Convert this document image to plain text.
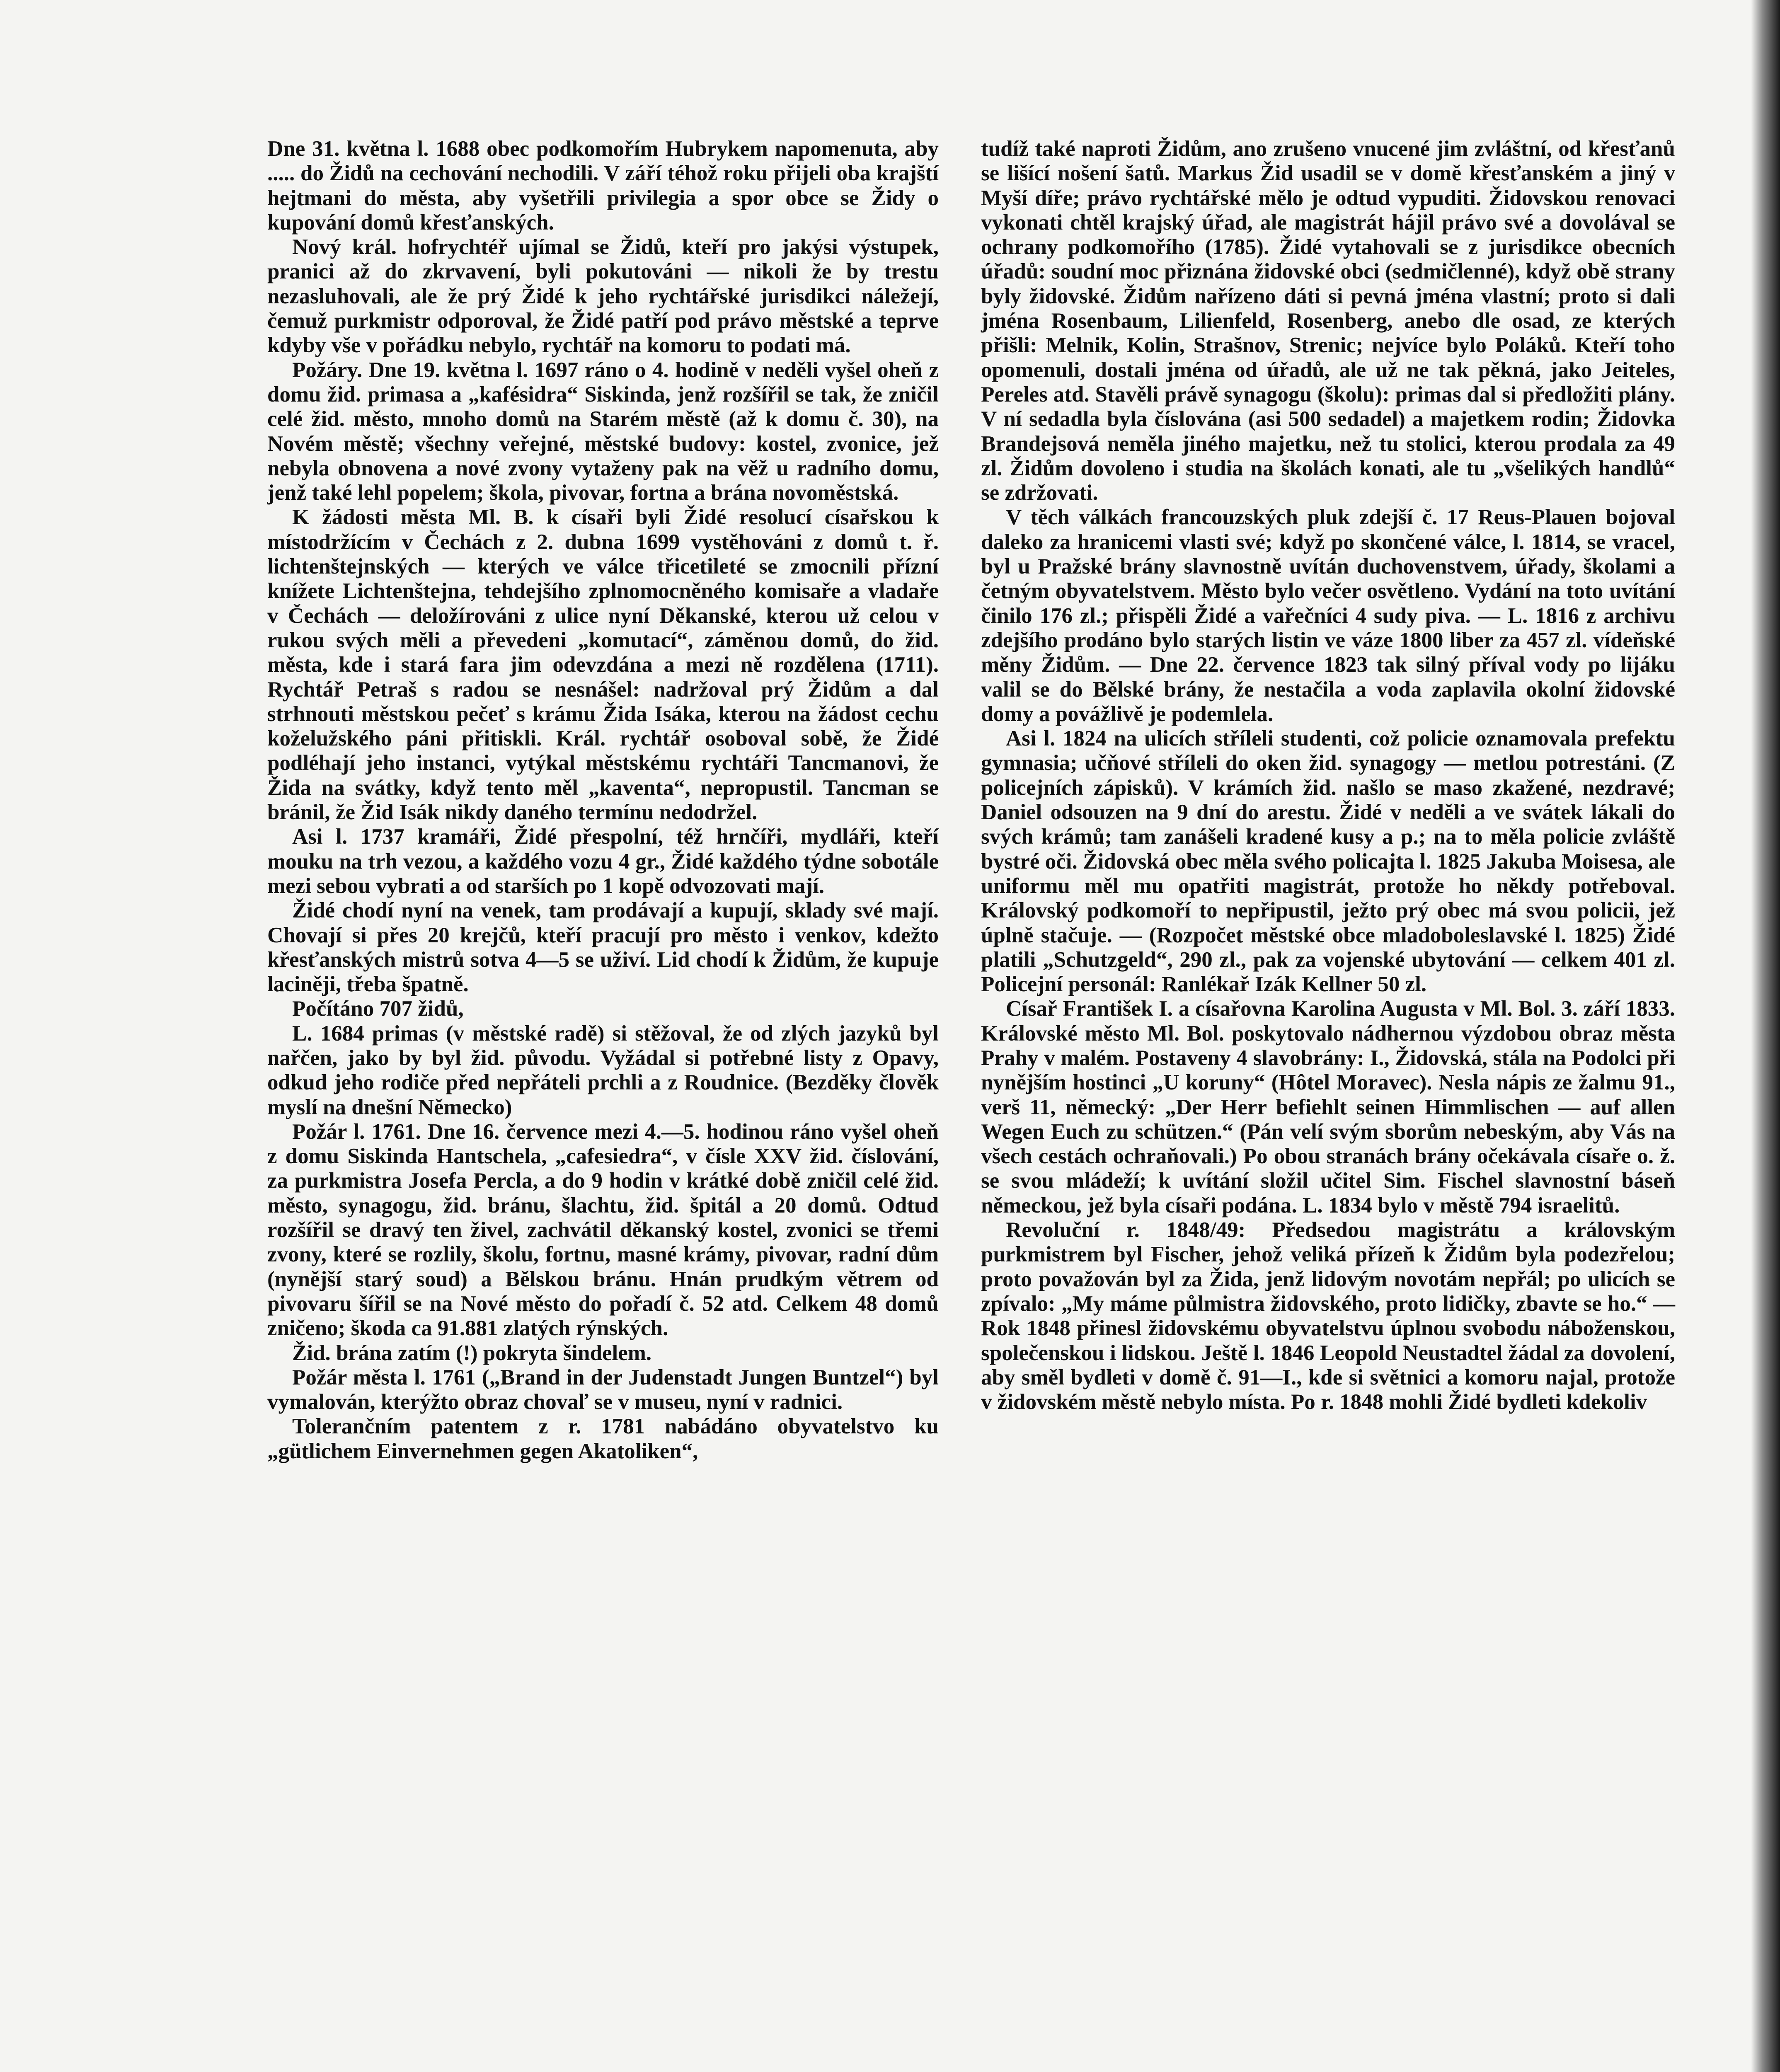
Dne 31. května l. 1688 obec podkomořím Hubrykem napomenuta, aby ..... do Židů na cechování nechodili. V září téhož roku přijeli oba krajští hejtmani do města, aby vyšetřili privilegia a spor obce se Židy o kupování domů křesťanských.

Nový král. hofrychtéř ujímal se Židů, kteří pro jakýsi výstupek, pranici až do zkrvavení, byli pokutováni — nikoli že by trestu nezasluhovali, ale že prý Židé k jeho rychtářské jurisdikci náležejí, čemuž purkmistr odporoval, že Židé patří pod právo městské a teprve kdyby vše v pořádku nebylo, rychtář na komoru to podati má.

Požáry. Dne 19. května l. 1697 ráno o 4. hodině v neděli vyšel oheň z domu žid. primasa a „kafésidra“ Siskinda, jenž rozšířil se tak, že zničil celé žid. město, mnoho domů na Starém městě (až k domu č. 30), na Novém městě; všechny veřejné, městské budovy: kostel, zvonice, jež nebyla obnovena a nové zvony vytaženy pak na věž u radního domu, jenž také lehl popelem; škola, pivovar, fortna a brána novoměstská.

K žádosti města Ml. B. k císaři byli Židé resolucí císařskou k místodržícím v Čechách z 2. dubna 1699 vystěhováni z domů t. ř. lichtenštejnských — kterých ve válce třicetileté se zmocnili přízní knížete Lichtenštejna, tehdejšího zplnomocněného komisaře a vladaře v Čechách — deložírováni z ulice nyní Děkanské, kterou už celou v rukou svých měli a převedeni „komutací“, záměnou domů, do žid. města, kde i stará fara jim odevzdána a mezi ně rozdělena (1711). Rychtář Petraš s radou se nesnášel: nadržoval prý Židům a dal strhnouti městskou pečeť s krámu Žida Isáka, kterou na žádost cechu koželužského páni přitiskli. Král. rychtář osoboval sobě, že Židé podléhají jeho instanci, vytýkal městskému rychtáři Tancmanovi, že Žida na svátky, když tento měl „kaventa“, nepropustil. Tancman se bránil, že Žid Isák nikdy daného termínu nedodržel.

Asi l. 1737 kramáři, Židé přespolní, též hrnčíři, mydláři, kteří mouku na trh vezou, a každého vozu 4 gr., Židé každého týdne sobotále mezi sebou vybrati a od starších po 1 kopě odvozovati mají.

Židé chodí nyní na venek, tam prodávají a kupují, sklady své mají. Chovají si přes 20 krejčů, kteří pracují pro město i venkov, kdežto křesťanských mistrů sotva 4—5 se uživí. Lid chodí k Židům, že kupuje laciněji, třeba špatně.

Počítáno 707 židů,

L. 1684 primas (v městské radě) si stěžoval, že od zlých jazyků byl nařčen, jako by byl žid. původu. Vyžádal si potřebné listy z Opavy, odkud jeho rodiče před nepřáteli prchli a z Roudnice. (Bezděky člověk myslí na dnešní Německo)

Požár l. 1761. Dne 16. července mezi 4.—5. hodinou ráno vyšel oheň z domu Siskinda Hantschela, „cafesiedra“, v čísle XXV žid. číslování, za purkmistra Josefa Percla, a do 9 hodin v krátké době zničil celé žid. město, synagogu, žid. bránu, šlachtu, žid. špitál a 20 domů. Odtud rozšířil se dravý ten živel, zachvátil děkanský kostel, zvonici se třemi zvony, které se rozlily, školu, fortnu, masné krámy, pivovar, radní dům (nynější starý soud) a Bělskou bránu. Hnán prudkým větrem od pivovaru šířil se na Nové město do pořadí č. 52 atd. Celkem 48 domů zničeno; škoda ca 91.881 zlatých rýnských.

Žid. brána zatím (!) pokryta šindelem.

Požár města l. 1761 („Brand in der Judenstadt Jungen Buntzel“) byl vymalován, kterýžto obraz chovaľ se v museu, nyní v radnici.

Tolerančním patentem z r. 1781 nabádáno obyvatelstvo ku „gütlichem Einvernehmen gegen Akatoliken“,

tudíž také naproti Židům, ano zrušeno vnucené jim zvláštní, od křesťanů se lišící nošení šatů. Markus Žid usadil se v domě křesťanském a jiný v Myší díře; právo rychtářské mělo je odtud vypuditi. Židovskou renovaci vykonati chtěl krajský úřad, ale magistrát hájil právo své a dovolával se ochrany podkomořího (1785). Židé vytahovali se z jurisdikce obecních úřadů: soudní moc přiznána židovské obci (sedmičlenné), když obě strany byly židovské. Židům nařízeno dáti si pevná jména vlastní; proto si dali jména Rosenbaum, Lilienfeld, Rosenberg, anebo dle osad, ze kterých přišli: Melnik, Kolin, Strašnov, Strenic; nejvíce bylo Poláků. Kteří toho opomenuli, dostali jména od úřadů, ale už ne tak pěkná, jako Jeiteles, Pereles atd. Stavěli právě synagogu (školu): primas dal si předložiti plány. V ní sedadla byla číslována (asi 500 sedadel) a majetkem rodin; Židovka Brandejsová neměla jiného majetku, než tu stolici, kterou prodala za 49 zl. Židům dovoleno i studia na školách konati, ale tu „všelikých handlů“ se zdržovati.

V těch válkách francouzských pluk zdejší č. 17 Reus-Plauen bojoval daleko za hranicemi vlasti své; když po skončené válce, l. 1814, se vracel, byl u Pražské brány slavnostně uvítán duchovenstvem, úřady, školami a četným obyvatelstvem. Město bylo večer osvětleno. Vydání na toto uvítání činilo 176 zl.; přispěli Židé a vařečníci 4 sudy piva. — L. 1816 z archivu zdejšího prodáno bylo starých listin ve váze 1800 liber za 457 zl. vídeňské měny Židům. — Dne 22. července 1823 tak silný příval vody po lijáku valil se do Bělské brány, že nestačila a voda zaplavila okolní židovské domy a povážlivě je podemlela.

Asi l. 1824 na ulicích stříleli studenti, což policie oznamovala prefektu gymnasia; učňové stříleli do oken žid. synagogy — metlou potrestáni. (Z policejních zápisků). V krámích žid. našlo se maso zkažené, nezdravé; Daniel odsouzen na 9 dní do arestu. Židé v neděli a ve svátek lákali do svých krámů; tam zanášeli kradené kusy a p.; na to měla policie zvláště bystré oči. Židovská obec měla svého policajta l. 1825 Jakuba Moisesa, ale uniformu měl mu opatřiti magistrát, protože ho někdy potřeboval. Královský podkomoří to nepřipustil, ježto prý obec má svou policii, jež úplně stačuje. — (Rozpočet městské obce mladoboleslavské l. 1825) Židé platili „Schutzgeld“, 290 zl., pak za vojenské ubytování — celkem 401 zl. Policejní personál: Ranlékař Izák Kellner 50 zl.

Císař František I. a císařovna Karolina Augusta v Ml. Bol. 3. září 1833. Královské město Ml. Bol. poskytovalo nádhernou výzdobou obraz města Prahy v malém. Postaveny 4 slavobrány: I., Židovská, stála na Podolci při nynějším hostinci „U koruny“ (Hôtel Moravec). Nesla nápis ze žalmu 91., verš 11, německý: „Der Herr befiehlt seinen Himmlischen — auf allen Wegen Euch zu schützen.“ (Pán velí svým sborům nebeským, aby Vás na všech cestách ochraňovali.) Po obou stranách brány očekávala císaře o. ž. se svou mládeží; k uvítání složil učitel Sim. Fischel slavnostní báseň německou, jež byla císaři podána. L. 1834 bylo v městě 794 israelitů.

Revoluční r. 1848/49: Předsedou magistrátu a královským purkmistrem byl Fischer, jehož veliká přízeň k Židům byla podezřelou; proto považován byl za Žida, jenž lidovým novotám nepřál; po ulicích se zpívalo: „My máme půlmistra židovského, proto lidičky, zbavte se ho.“ — Rok 1848 přinesl židovskému obyvatelstvu úplnou svobodu náboženskou, společenskou i lidskou. Ještě l. 1846 Leopold Neustadtel žádal za dovolení, aby směl bydleti v domě č. 91—I., kde si světnici a komoru najal, protože v židovském městě nebylo místa. Po r. 1848 mohli Židé bydleti kdekoliv
